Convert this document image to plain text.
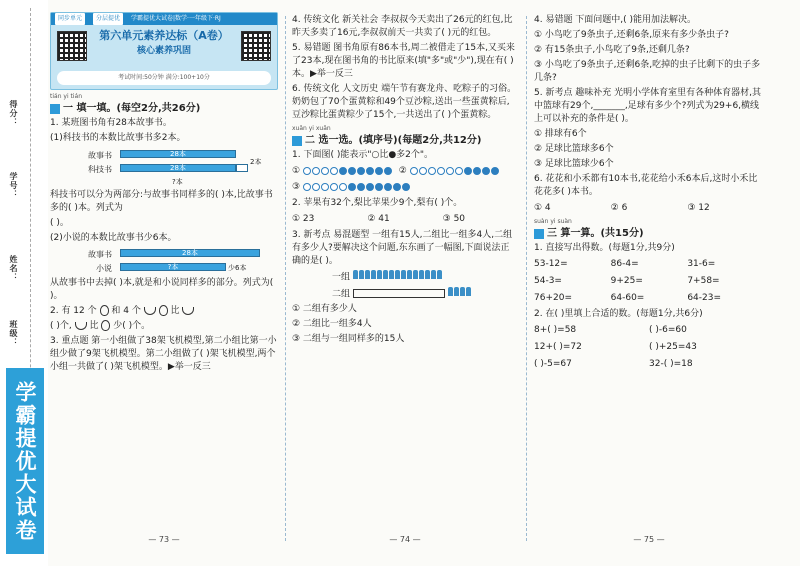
得分：
学号：
姓名：
班级：
学霸提优大试卷
同步单元 分层提优 学霸提优大试卷|数学·一年级下·RJ
第六单元素养达标（A卷）
核心素养巩固
考试时间:50分钟 满分:100+10分
tián yi tián
一 填一填。(每空2分,共26分)
1. 某班图书角有28本故事书。
(1)科技书的本数比故事书多2本。
故事书	28本
科技书	28本
2本
?本
科技书可以分为两部分:与故事书同样多的( )本,比故事书多的( )本。列式为
( )。
(2)小说的本数比故事书少6本。
故事书	28本
小说	?本	少6本
从故事书中去掉( )本,就是和小说同样多的部分。列式为( )。
2. 有 12 个 和 4 个	比
( )个, 比 少( )个。
3. 重点题 第一小组做了38架飞机模型,第二小组比第一小组少做了9架飞机模型。第二小组做了( )架飞机模型,两个小组一共做了( )架飞机模型。▶举一反三
— 73 —
4. 传统文化 新关社会 李叔叔今天卖出了26元的红包,比昨天多卖了16元,李叔叔前天一共卖了( )元的红包。
5. 易错题 图书角原有86本书,周二被借走了15本,又买来了23本,现在图书角的书比原来(填"多"或"少"),现在有( )本。▶举一反三
6. 传统文化 人文历史 端午节有赛龙舟、吃粽子的习俗。奶奶包了70个蛋黄粽和49个豆沙粽,送出一些蛋黄粽后,豆沙粽比蛋黄粽少了15个,一共送出了( )个蛋黄粽。
xuǎn yi xuǎn
二 选一选。(填序号)(每题2分,共12分)
1. 下面图( )能表示"○比●多2个"。
①	②
③
2. 苹果有32个,梨比苹果少9个,梨有( )个。
① 23	② 41	③ 50
3. 新考点 易混题型 一组有15人,二组比一组多4人,二组有多少人?要解决这个问题,东东画了一幅图,下面说法正确的是( )。
一组
二组
① 二组有多少人
② 二组比一组多4人
③ 二组与一组同样多的15人
— 74 —
4. 易错题 下面问题中,( )能用加法解决。
① 小鸟吃了9条虫子,还剩6条,原来有多少条虫子?
② 有15条虫子,小鸟吃了9条,还剩几条?
③ 小鸟吃了9条虫子,还剩6条,吃掉的虫子比剩下的虫子多几条?
5. 新考点 趣味补充 光明小学体育室里有各种体育器材,其中篮球有29个,_______,足球有多少个?列式为29+6,横线上可以补充的条件是( )。
① 排球有6个
② 足球比篮球多6个
③ 足球比篮球少6个
6. 花花和小禾都有10本书,花花给小禾6本后,这时小禾比花花多( )本书。
① 4	② 6	③ 12
suàn yi suàn
三 算一算。(共15分)
1. 直接写出得数。(每题1分,共9分)
53-12=	86-4=	31-6=
54-3=	9+25=	7+58=
76+20=	64-60=	64-23=
2. 在( )里填上合适的数。(每题1分,共6分)
8+( )=58	( )-6=60
12+( )=72	( )+25=43
( )-5=67	32-( )=18
— 75 —
